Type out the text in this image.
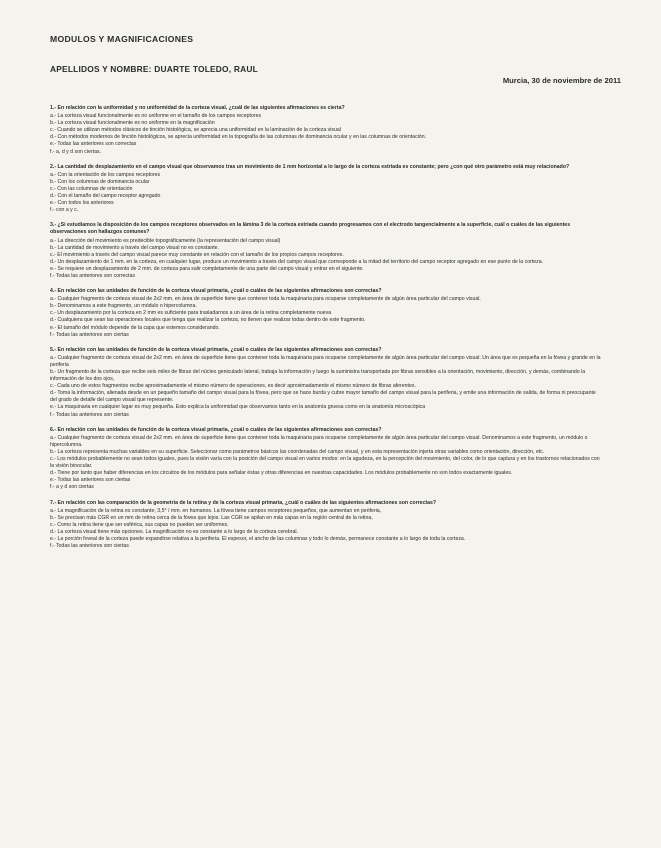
MODULOS Y MAGNIFICACIONES

APELLIDOS Y NOMBRE: DUARTE TOLEDO, RAUL

Murcia, 30 de noviembre de 2011

1.- En relación con la uniformidad y no uniformidad de la corteza visual, ¿cuál de las siguientes afirmaciones es cierta?

a.- La corteza visual funcionalmente es no uniforme en el tamaño de los campos receptores

b.- La corteza visual funcionalmente es no uniforme en la magnificación

c.- Cuando se utilizan métodos clásicos de tinción histológica, se aprecia una uniformidad en la laminación de la corteza visual

d.- Con métodos modernos de tinción histológicos, se aprecia uniformidad en la topografía de las columnas de dominancia ocular y en las columnas de orientación.

e.- Todas las anteriores son correctas

f.- a, d y d son ciertas.

2.- La cantidad de desplazamiento en el campo visual que observamos tras un movimiento de 1 mm horizontal a lo largo de la corteza estriada es constante; pero ¿con qué otro parámetro está muy relacionado?

a.- Con la orientación de los campos receptores

b.- Con los columnas de dominancia ocular

c.- Con las columnas de orientación

d.- Con el tamaño del campo receptor agregado

e.- Con todos los anteriores

f.- con a y c.

3.- ¿Si estudiamos la disposición de los campos receptores observados en la lámina 3 de la corteza estriada cuando progresamos con el electrodo tangencialmente a la superficie, cuál o cuáles de las siguientes observaciones son hallazgos comunes?

a.- La dirección del movimiento es predecible topográficamente (la representación del campo visual)

b.- La cantidad de movimiento a través del campo visual no es constante.

c.- El movimiento a través del campo visual parece muy constante en relación con el tamaño de los propios campos receptores.

d.- Un desplazamiento de 1 mm. en la corteza, en cualquier lugar, produce un movimiento a través del campo visual que corresponde a la mitad del territorio del campo receptor agregado en ese punto de la corteza.

e.- Se requiere un desplazamiento de 2 mm. de corteza para salir completamente de una parte del campo visual y entrar en el siguiente.

f.- Todas las anteriores son correctas

4.- En relación con las unidades de función de la corteza visual primaria, ¿cuál o cuáles de las siguientes afirmaciones son correctas?

a.- Cualquier fragmento de corteza visual de 2x2 mm. en área de superficie tiene que contener toda la maquinaria para ocuparse completamente de algún área particular del campo visual.

b.- Denominamos a este fragmento, un módulo o hipercolumna.

c.- Un desplazamiento por la corteza en 2 mm es suficiente para trasladarnos a un área de la retina completamente nueva

d.- Cualquiera que sean las operaciones locales que tenga que realizar la corteza, no tienen que realizar todas dentro de este fragmento.

e.- El tamaño del módulo depende de la capa que estemos considerando.

f.- Todas las anteriores son ciertas

5.- En relación con las unidades de función de la corteza visual primaria, ¿cuál o cuáles de las siguientes afirmaciones son correctas?

a.- Cualquier fragmento de corteza visual de 2x2 mm. en área de superficie tiene que contener toda la maquinaria para ocuparse completamente de algún área particular del campo visual. Un área que es pequeña en la fóvea y grande en la periferia

b.- Un fragmento de la corteza que recibe seis miles de fibras del núcleo geniculado lateral, trabaja la información y luego la suministra transportada por fibras sensibles a la orientación, movimiento, dirección, y demás, combinando la información de los dos ojos,

c.- Cada uno de estos fragmentos recibe aproximadamente el mismo número de operaciones, es decir aproximadamente el mismo número de fibras aferentes.

d.- Toma la información, alienada desde en un pequeño tamaño del campo visual para la fóvea, pero que se hace burda y cubre mayor tamaño del campo visual para la periferia, y emite una información de salida, de forma ni preocupante del grado de detalle del campo visual que represente.

e.- La maquinaria en cualquier lugar es muy pequeña. Esto explica la uniformidad que observamos tanto en la anatomía gruesa como en la anatomía microscópica

f.- Todas las anteriores son ciertas

6.- En relación con las unidades de función de la corteza visual primaria, ¿cuál o cuáles de las siguientes afirmaciones son correctas?

a.- Cualquier fragmento de corteza visual de 2x2 mm. en área de superficie tiene que contener toda la maquinaria para ocuparse completamente de algún área particular del campo visual. Denominamos a este fragmento, un módulo o hipercolumna.

b.- La corteza representa muchas variables en su superficie. Seleccionar como parámetros básicos las coordenadas del campo visual, y en esta representación injerta otras variables como orientación, dirección, etc.

c.- Los módulos probablemente no sean todos iguales, pues la visión varía con la posición del campo visual en varios modos: en la agudeza, en la percepción del movimiento, del color, de lo que captura y en los trastornos relacionados con la visión binocular.

d.- Tiene por tanto que haber diferencias en los circuitos de los módulos para señalar éstas y otras diferencias en nuestras capacidades. Los módulos probablemente no son todos exactamente iguales.

e.- Todas las anteriores son ciertas

f.- a y d son ciertas

7.- En relación con las comparación de la geometría de la retina y de la corteza visual primaria, ¿cuál o cuáles de las siguientes afirmaciones son correctas?

a.- La magnificación de la retina es constante; 3,5° / mm. en humanos. La fóvea tiene campos receptores pequeños, que aumentan en periferia,

b.- Se precisan más CGR en un mm de retina cerca de la fóvea que lejos. Las CGR se apilan en más capas en la región central de la retina,

c.- Como la retina tiene que ser esférica, sus capas no pueden ser uniformes.

d.- La corteza visual tiene más opciones. La magnificación no es constante a lo largo de la corteza cerebral.

e.- La porción foveal de la corteza puede expandirse relativa a la periferia. El espesor, el ancho de las columnas y todo lo demás, permanece constante a lo largo de toda la corteza.

f.- Todas las anteriores son ciertas
